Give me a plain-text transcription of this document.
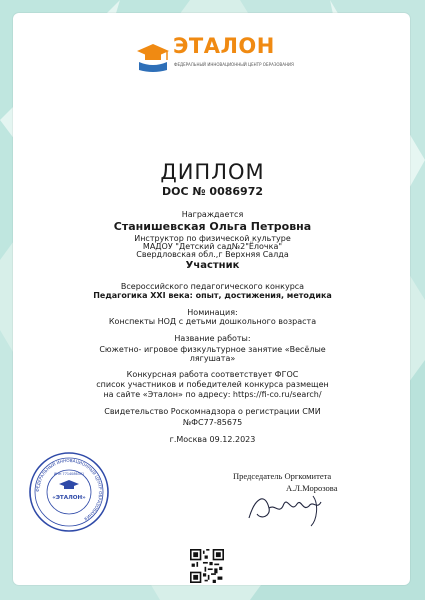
ЭТАЛОН
ФЕДЕРАЛЬНЫЙ ИННОВАЦИОННЫЙ ЦЕНТР ОБРАЗОВАНИЯ
ДИПЛОМ
DOC № 0086972
Награждается
Станишевская Ольга Петровна
Инструктор по физической культуре
МАДОУ "Детский сад№2"Ёлочка"
Свердловская обл.,г Верхняя Салда
Участник
Всероссийского педагогического конкурса
Педагогика XXI века: опыт, достижения, методика
Номинация:
Конспекты НОД с детьми дошкольного возраста
Название работы:
Сюжетно- игровое физкультурное занятие «Весёлые
лягушата»
Конкурсная работа соответствует ФГОС
список участников и победителей конкурса размещен
на сайте «Эталон» по адресу: https://fi-co.ru/search/
Свидетельство Роскомнадзора о регистрации СМИ
№ФС77-85675
г.Москва 09.12.2023
ФЕДЕРАЛЬНЫЙ ИННОВАЦИОННЫЙ ЦЕНТР ОБРАЗОВАНИЯ
ИНН 7714086301
«ЭТАЛОН»
Председатель Оргкомитета
А.Л.Морозова
